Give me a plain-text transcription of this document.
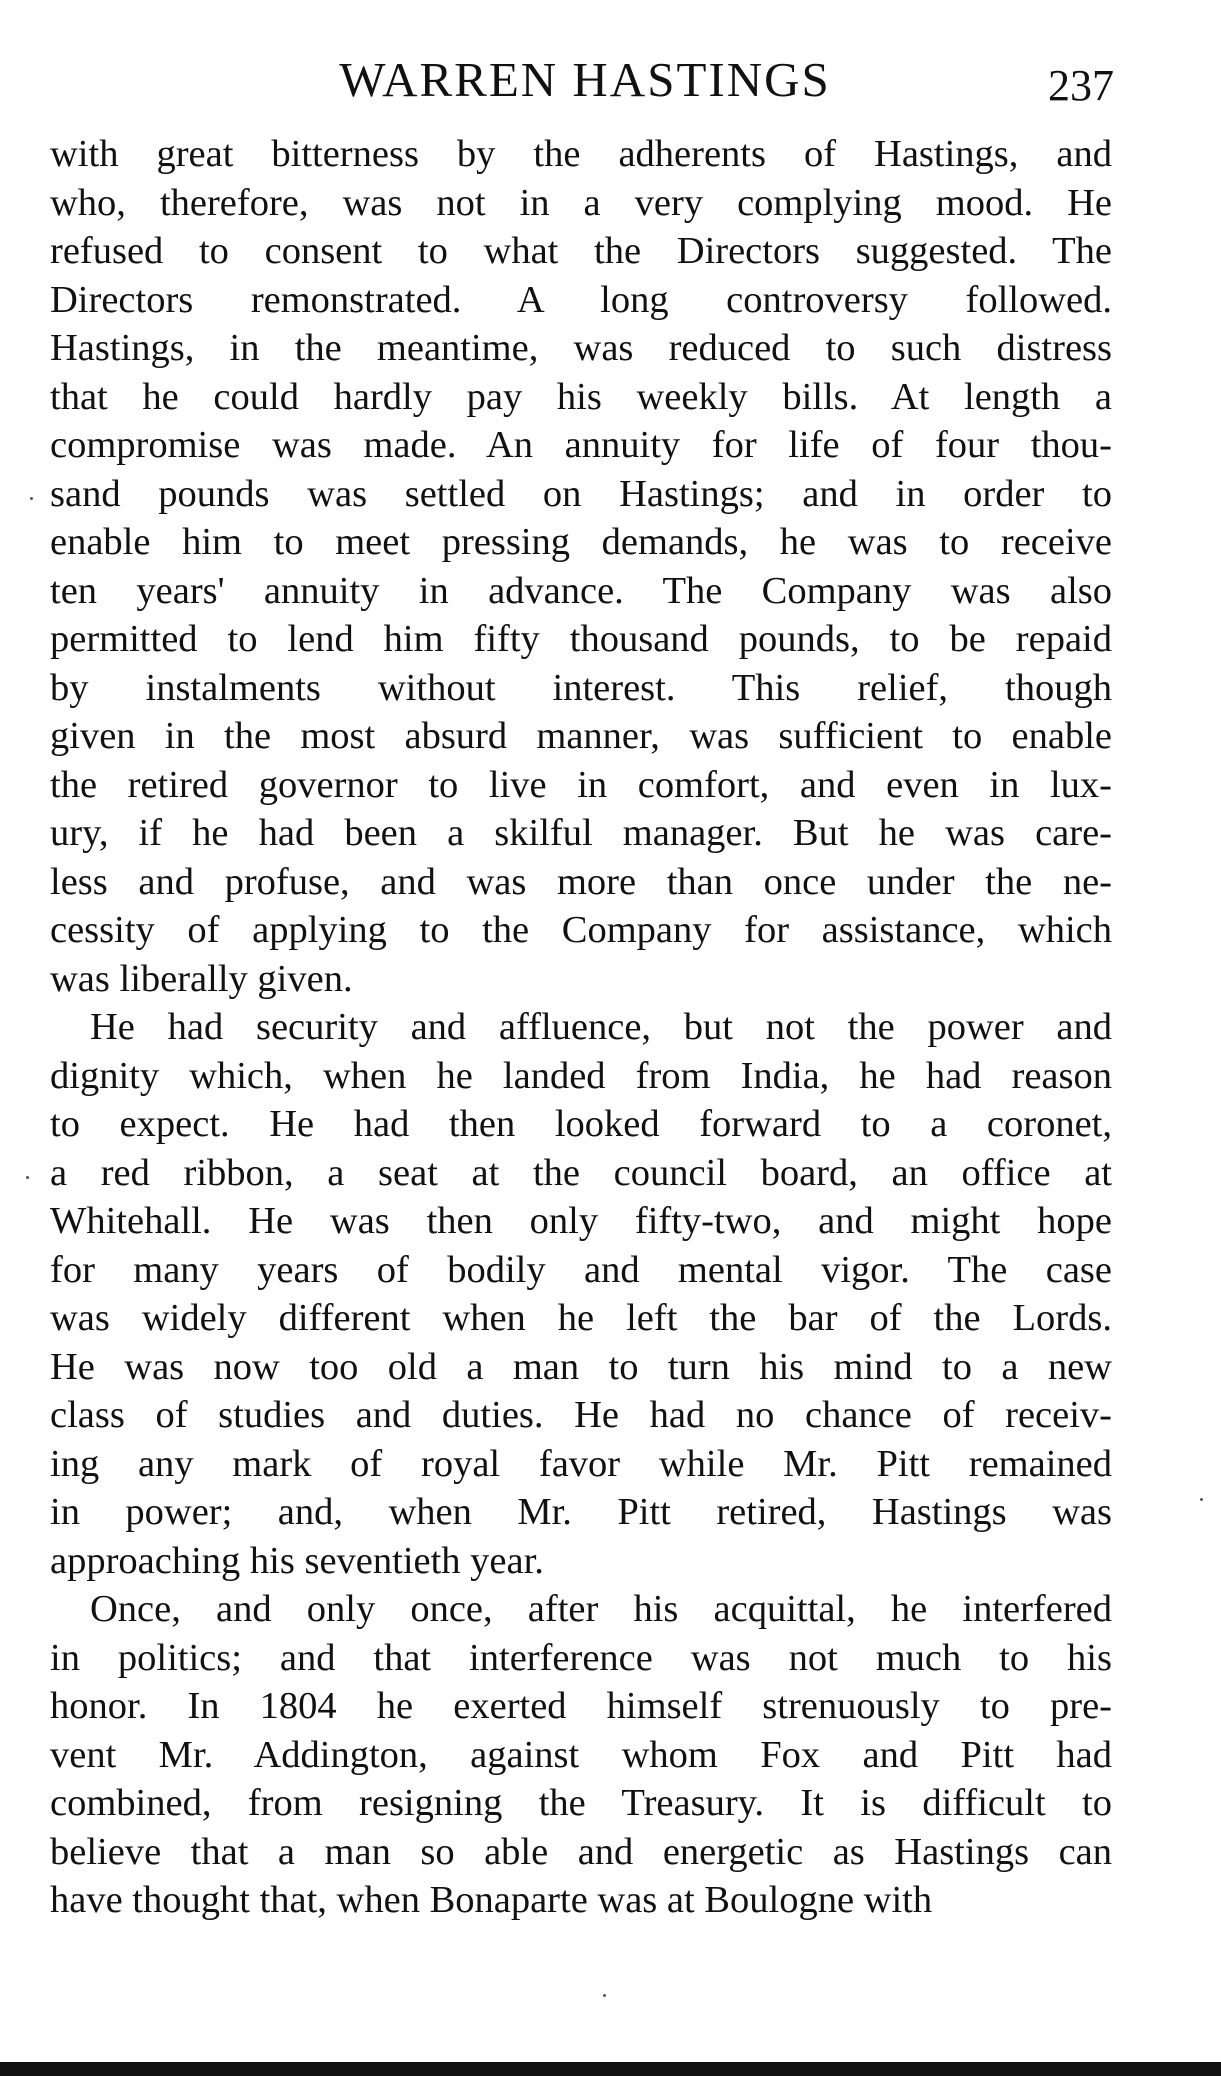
WARREN HASTINGS	237
with great bitterness by the adherents of Hastings, and
who, therefore, was not in a very complying mood. He
refused to consent to what the Directors suggested. The
Directors remonstrated. A long controversy followed.
Hastings, in the meantime, was reduced to such distress
that he could hardly pay his weekly bills. At length a
compromise was made. An annuity for life of four thou-
sand pounds was settled on Hastings; and in order to
enable him to meet pressing demands, he was to receive
ten years' annuity in advance. The Company was also
permitted to lend him fifty thousand pounds, to be repaid
by instalments without interest. This relief, though
given in the most absurd manner, was sufficient to enable
the retired governor to live in comfort, and even in lux-
ury, if he had been a skilful manager. But he was care-
less and profuse, and was more than once under the ne-
cessity of applying to the Company for assistance, which
was liberally given.
He had security and affluence, but not the power and
dignity which, when he landed from India, he had reason
to expect. He had then looked forward to a coronet,
a red ribbon, a seat at the council board, an office at
Whitehall. He was then only fifty-two, and might hope
for many years of bodily and mental vigor. The case
was widely different when he left the bar of the Lords.
He was now too old a man to turn his mind to a new
class of studies and duties. He had no chance of receiv-
ing any mark of royal favor while Mr. Pitt remained
in power; and, when Mr. Pitt retired, Hastings was
approaching his seventieth year.
Once, and only once, after his acquittal, he interfered
in politics; and that interference was not much to his
honor. In 1804 he exerted himself strenuously to pre-
vent Mr. Addington, against whom Fox and Pitt had
combined, from resigning the Treasury. It is difficult to
believe that a man so able and energetic as Hastings can
have thought that, when Bonaparte was at Boulogne with
